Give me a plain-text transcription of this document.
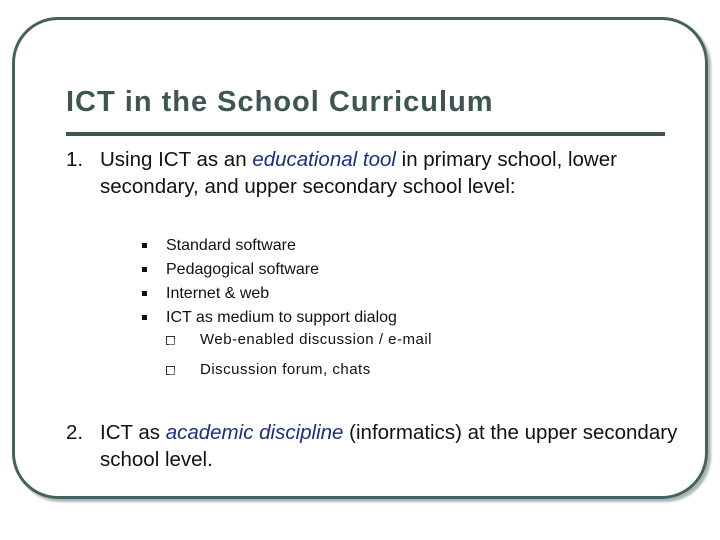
ICT in the School Curriculum
1. Using ICT as an educational tool in primary school, lower secondary, and upper secondary school level:
Standard software
Pedagogical software
Internet & web
ICT as medium to support dialog
Web-enabled discussion / e-mail
Discussion forum, chats
2. ICT as academic discipline (informatics) at the upper secondary school level.
